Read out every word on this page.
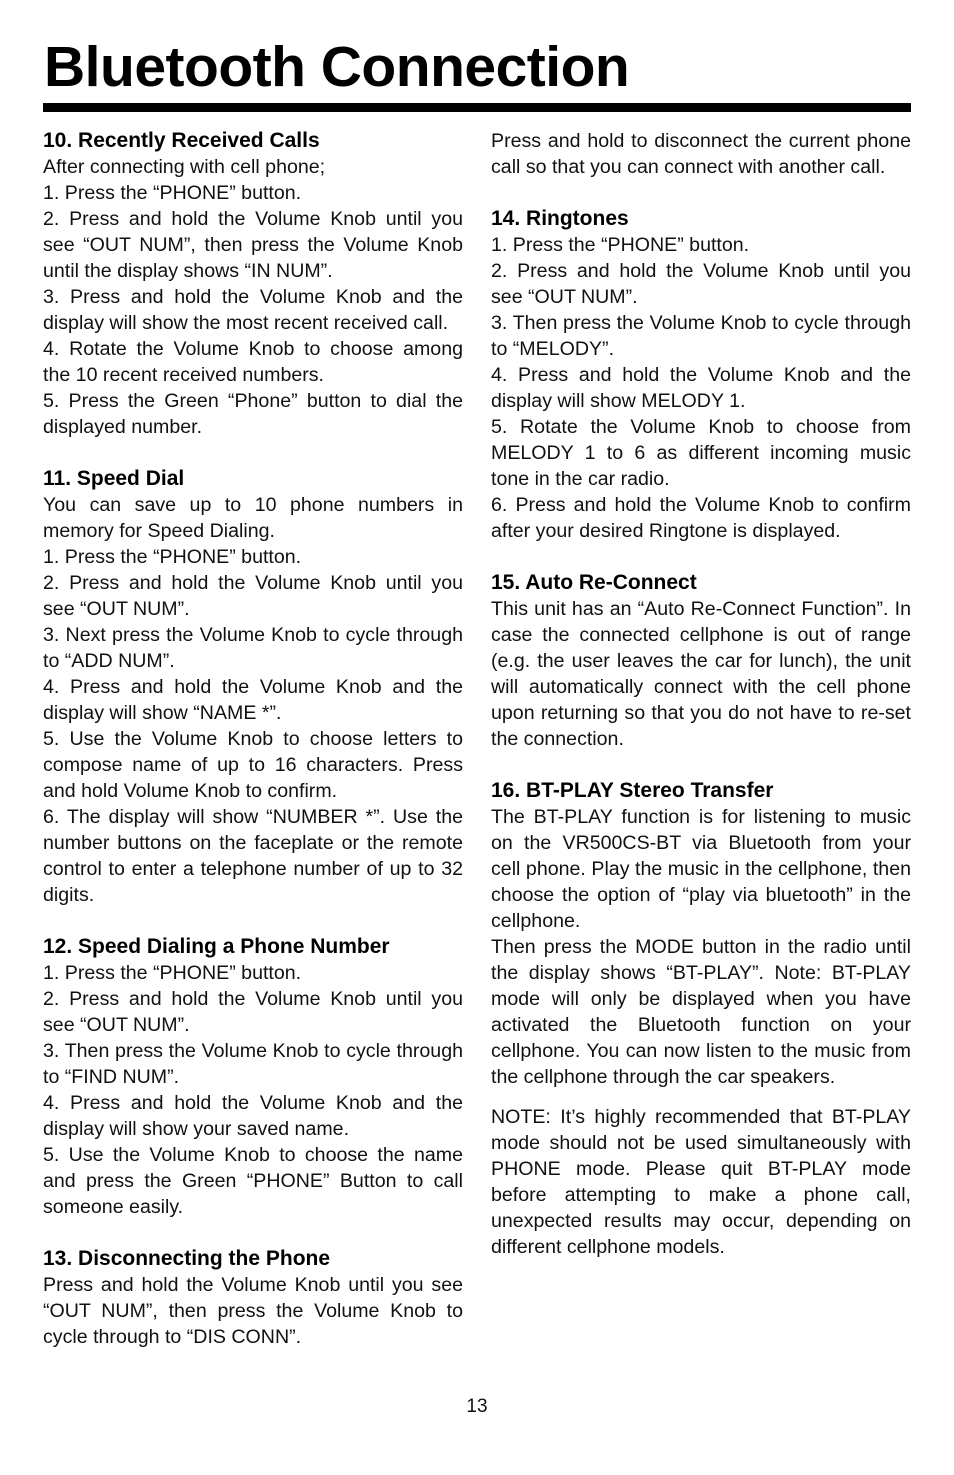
Bluetooth Connection
10. Recently Received Calls

After connecting with cell phone;

1. Press the “PHONE” button.

2. Press and hold the Volume Knob until you see “OUT NUM”, then press the Volume Knob until the display shows “IN NUM”.

3. Press and hold the Volume Knob and the display will show the most recent received call.

4. Rotate the Volume Knob to choose among the 10 recent received numbers.

5. Press the Green “Phone” button to dial the displayed number.

11. Speed Dial

You can save up to 10 phone numbers in memory for Speed Dialing.

1. Press the “PHONE” button.

2. Press and hold the Volume Knob until you see “OUT NUM”.

3. Next press the Volume Knob to cycle through to “ADD NUM”.

4. Press and hold the Volume Knob and the display will show “NAME *”.

5. Use the Volume Knob to choose letters to compose name of up to 16 characters. Press and hold Volume Knob to confirm.

6. The display will show “NUMBER *”. Use the number buttons on the faceplate or the remote control to enter a telephone number of up to 32 digits.

12. Speed Dialing a Phone Number

1. Press the “PHONE” button.

2. Press and hold the Volume Knob until you see “OUT NUM”.

3. Then press the Volume Knob to cycle through to “FIND NUM”.

4. Press and hold the Volume Knob and the display will show your saved name.

5. Use the Volume Knob to choose the name and press the Green “PHONE” Button to call someone easily.

13. Disconnecting the Phone

Press and hold the Volume Knob until you see “OUT NUM”, then press the Volume Knob to cycle through to “DIS CONN”.

Press and hold to disconnect the current phone call so that you can connect with another call.

14. Ringtones

1. Press the “PHONE” button.

2. Press and hold the Volume Knob until you see “OUT NUM”.

3. Then press the Volume Knob to cycle through to “MELODY”.

4. Press and hold the Volume Knob and the display will show MELODY 1.

5. Rotate the Volume Knob to choose from MELODY 1 to 6 as different incoming music tone in the car radio.

6. Press and hold the Volume Knob to confirm after your desired Ringtone is displayed.

15. Auto Re-Connect

This unit has an “Auto Re-Connect Function”. In case the connected cellphone is out of range (e.g. the user leaves the car for lunch), the unit will automatically connect with the cell phone upon returning so that you do not have to re-set the connection.

16. BT-PLAY Stereo Transfer

The BT-PLAY function is for listening to music on the VR500CS-BT via Bluetooth from your cell phone. Play the music in the cellphone, then choose the option of “play via bluetooth” in the cellphone.

Then press the MODE button in the radio until the display shows “BT-PLAY”. Note: BT-PLAY mode will only be displayed when you have activated the Bluetooth function on your cellphone. You can now listen to the music from the cellphone through the car speakers.

NOTE: It’s highly recommended that BT-PLAY mode should not be used simultaneously with PHONE mode. Please quit BT-PLAY mode before attempting to make a phone call, unexpected results may occur, depending on different cellphone models.

13
